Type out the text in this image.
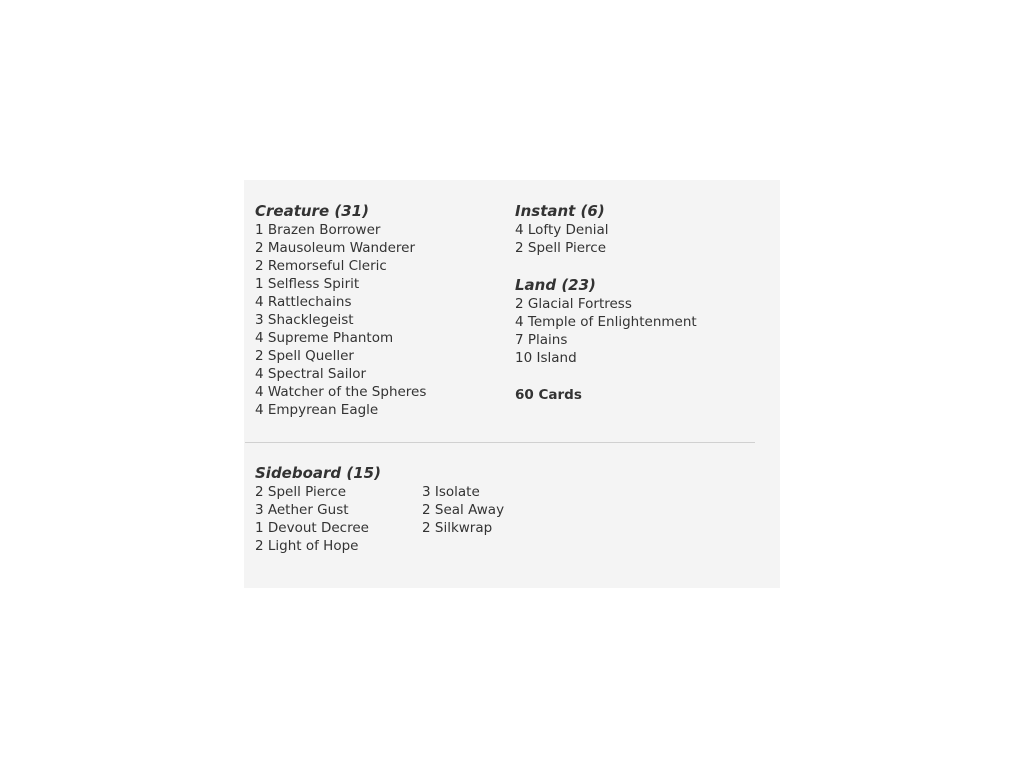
Creature (31)
1 Brazen Borrower
2 Mausoleum Wanderer
2 Remorseful Cleric
1 Selfless Spirit
4 Rattlechains
3 Shacklegeist
4 Supreme Phantom
2 Spell Queller
4 Spectral Sailor
4 Watcher of the Spheres
4 Empyrean Eagle
Instant (6)
4 Lofty Denial
2 Spell Pierce
Land (23)
2 Glacial Fortress
4 Temple of Enlightenment
7 Plains
10 Island
60 Cards
Sideboard (15)
2 Spell Pierce
3 Aether Gust
1 Devout Decree
2 Light of Hope
3 Isolate
2 Seal Away
2 Silkwrap
